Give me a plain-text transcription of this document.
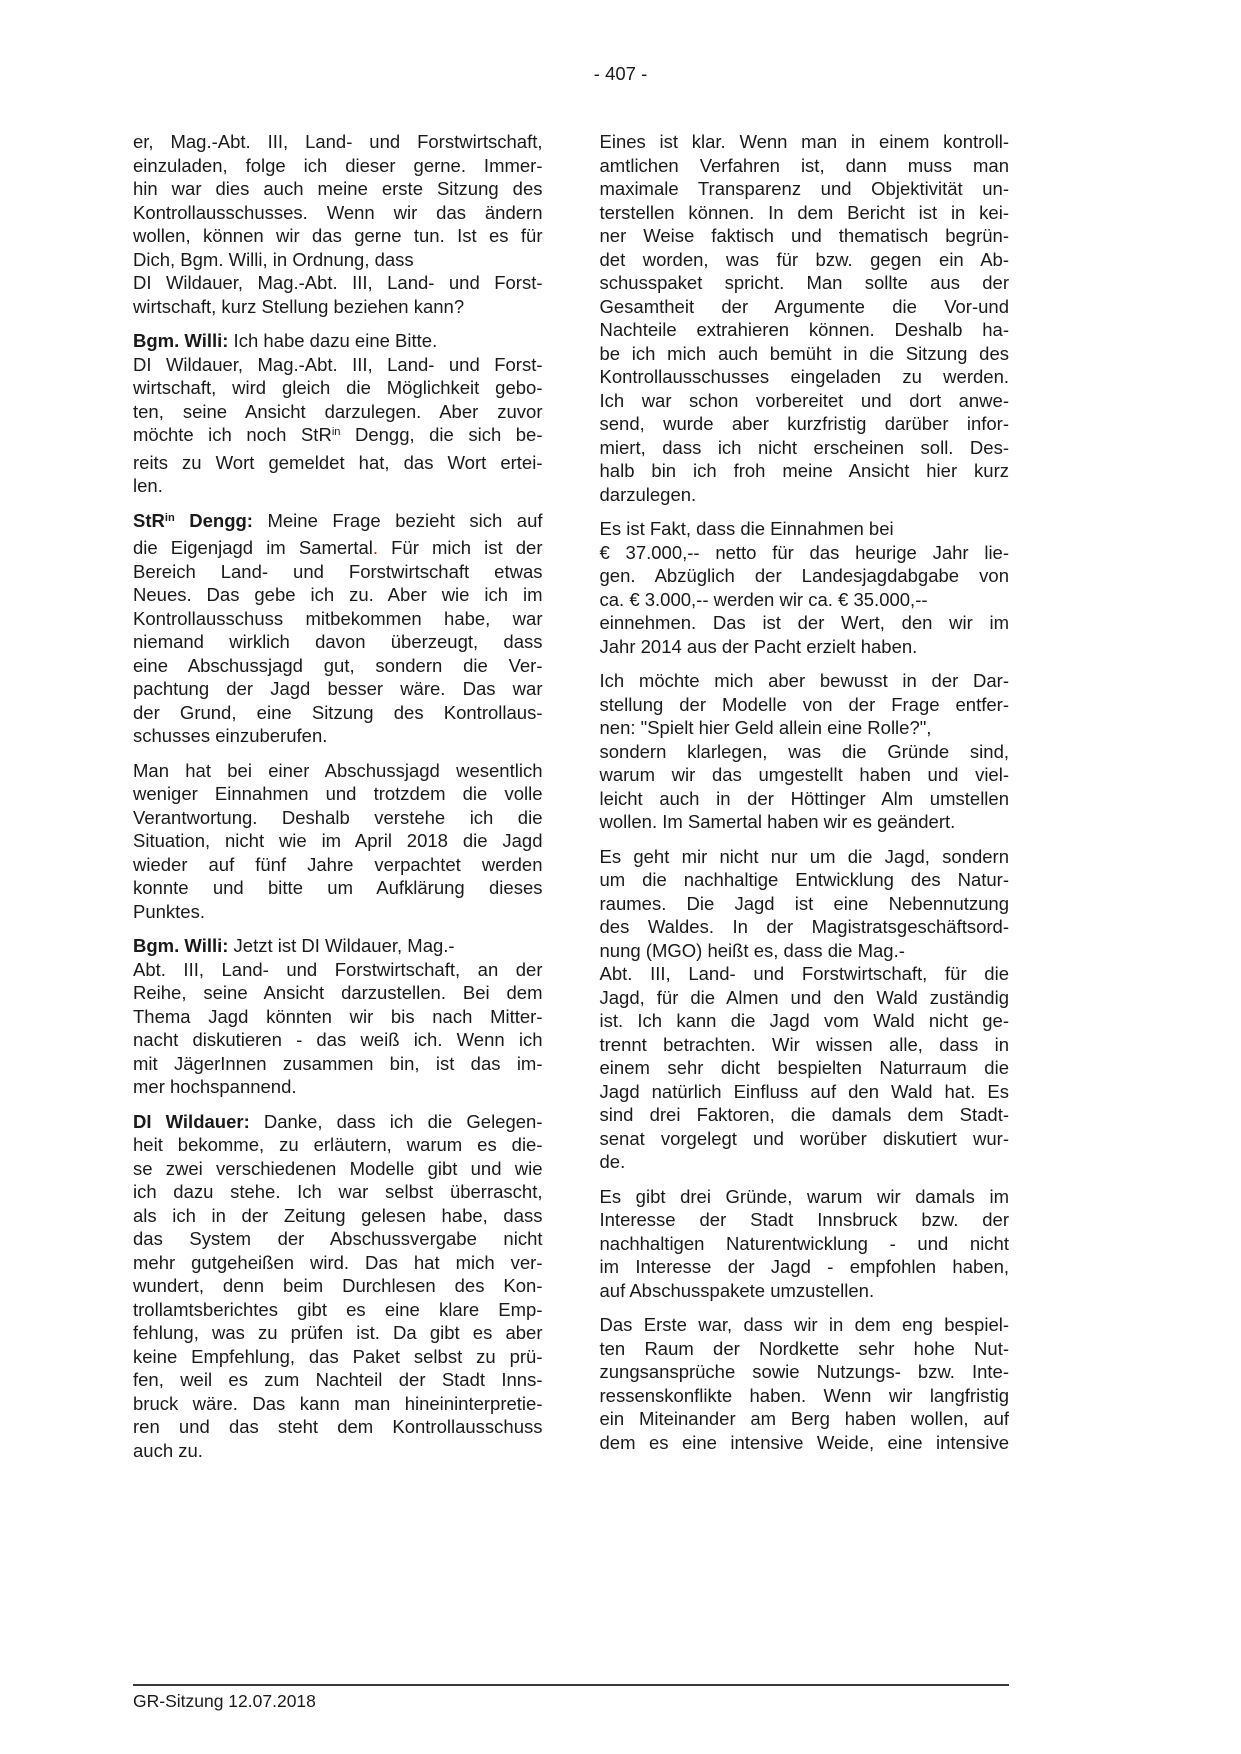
- 407 -
er, Mag.-Abt. III, Land- und Forstwirtschaft,
einzuladen, folge ich dieser gerne. Immer-
hin war dies auch meine erste Sitzung des
Kontrollausschusses. Wenn wir das ändern
wollen, können wir das gerne tun. Ist es für
Dich, Bgm. Willi, in Ordnung, dass
DI Wildauer, Mag.-Abt. III, Land- und Forst-
wirtschaft, kurz Stellung beziehen kann?
Bgm. Willi: Ich habe dazu eine Bitte.
DI Wildauer, Mag.-Abt. III, Land- und Forst-
wirtschaft, wird gleich die Möglichkeit gebo-
ten, seine Ansicht darzulegen. Aber zuvor
möchte ich noch StR$^{in}$ Dengg, die sich be-
reits zu Wort gemeldet hat, das Wort ertei-
len.
StR$^{in}$ Dengg: Meine Frage bezieht sich auf
die Eigenjagd im Samertal. Für mich ist der
Bereich Land- und Forstwirtschaft etwas
Neues. Das gebe ich zu. Aber wie ich im
Kontrollausschuss mitbekommen habe, war
niemand wirklich davon überzeugt, dass
eine Abschussjagd gut, sondern die Ver-
pachtung der Jagd besser wäre. Das war
der Grund, eine Sitzung des Kontrollaus-
schusses einzuberufen.
Man hat bei einer Abschussjagd wesentlich
weniger Einnahmen und trotzdem die volle
Verantwortung. Deshalb verstehe ich die
Situation, nicht wie im April 2018 die Jagd
wieder auf fünf Jahre verpachtet werden
konnte und bitte um Aufklärung dieses
Punktes.
Bgm. Willi: Jetzt ist DI Wildauer, Mag.-
Abt. III, Land- und Forstwirtschaft, an der
Reihe, seine Ansicht darzustellen. Bei dem
Thema Jagd könnten wir bis nach Mitter-
nacht diskutieren - das weiß ich. Wenn ich
mit JägerInnen zusammen bin, ist das im-
mer hochspannend.
DI Wildauer: Danke, dass ich die Gelegen-
heit bekomme, zu erläutern, warum es die-
se zwei verschiedenen Modelle gibt und wie
ich dazu stehe. Ich war selbst überrascht,
als ich in der Zeitung gelesen habe, dass
das System der Abschussvergabe nicht
mehr gutgeheißen wird. Das hat mich ver-
wundert, denn beim Durchlesen des Kon-
trollamtsberichtes gibt es eine klare Emp-
fehlung, was zu prüfen ist. Da gibt es aber
keine Empfehlung, das Paket selbst zu prü-
fen, weil es zum Nachteil der Stadt Inns-
bruck wäre. Das kann man hineininterpretie-
ren und das steht dem Kontrollausschuss
auch zu.
Eines ist klar. Wenn man in einem kontroll-
amtlichen Verfahren ist, dann muss man
maximale Transparenz und Objektivität un-
terstellen können. In dem Bericht ist in kei-
ner Weise faktisch und thematisch begrün-
det worden, was für bzw. gegen ein Ab-
schusspaket spricht. Man sollte aus der
Gesamtheit der Argumente die Vor-und
Nachteile extrahieren können. Deshalb ha-
be ich mich auch bemüht in die Sitzung des
Kontrollausschusses eingeladen zu werden.
Ich war schon vorbereitet und dort anwe-
send, wurde aber kurzfristig darüber infor-
miert, dass ich nicht erscheinen soll. Des-
halb bin ich froh meine Ansicht hier kurz
darzulegen.
Es ist Fakt, dass die Einnahmen bei
€ 37.000,-- netto für das heurige Jahr lie-
gen. Abzüglich der Landesjagdabgabe von
ca. € 3.000,-- werden wir ca. € 35.000,--
einnehmen. Das ist der Wert, den wir im
Jahr 2014 aus der Pacht erzielt haben.
Ich möchte mich aber bewusst in der Dar-
stellung der Modelle von der Frage entfer-
nen: "Spielt hier Geld allein eine Rolle?",
sondern klarlegen, was die Gründe sind,
warum wir das umgestellt haben und viel-
leicht auch in der Höttinger Alm umstellen
wollen. Im Samertal haben wir es geändert.
Es geht mir nicht nur um die Jagd, sondern
um die nachhaltige Entwicklung des Natur-
raumes. Die Jagd ist eine Nebennutzung
des Waldes. In der Magistratsgeschäftsord-
nung (MGO) heißt es, dass die Mag.-
Abt. III, Land- und Forstwirtschaft, für die
Jagd, für die Almen und den Wald zuständig
ist. Ich kann die Jagd vom Wald nicht ge-
trennt betrachten. Wir wissen alle, dass in
einem sehr dicht bespielten Naturraum die
Jagd natürlich Einfluss auf den Wald hat. Es
sind drei Faktoren, die damals dem Stadt-
senat vorgelegt und worüber diskutiert wur-
de.
Es gibt drei Gründe, warum wir damals im
Interesse der Stadt Innsbruck bzw. der
nachhaltigen Naturentwicklung - und nicht
im Interesse der Jagd - empfohlen haben,
auf Abschusspakete umzustellen.
Das Erste war, dass wir in dem eng bespiel-
ten Raum der Nordkette sehr hohe Nut-
zungsansprüche sowie Nutzungs- bzw. Inte-
ressenskonflikte haben. Wenn wir langfristig
ein Miteinander am Berg haben wollen, auf
dem es eine intensive Weide, eine intensive
GR-Sitzung 12.07.2018
